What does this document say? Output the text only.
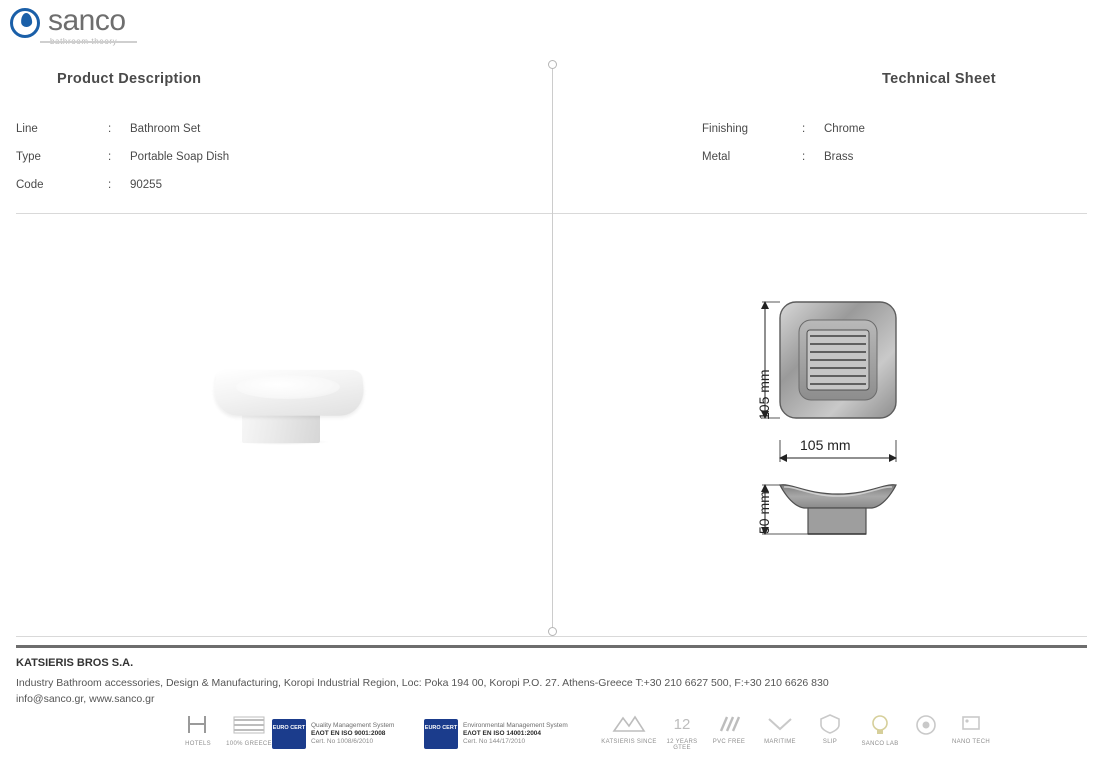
sanco
Product Description	Technical Sheet
Line	:	Bathroom Set
Type	:	Portable Soap Dish
Code	:	90255
Finishing	:	Chrome
Metal	:	Brass
105 mm
105 mm
50 mm
KATSIERIS BROS S.A.
Industry Bathroom accessories, Design & Manufacturing, Koropi Industrial Region, Loc: Poka 194 00, Koropi P.O. 27. Athens-Greece T:+30 210 6627 500, F:+30 210 6626 830
info@sanco.gr, www.sanco.gr
HOTELS	100% GREECE
EURO CERT Quality Management System
EΛOT EN ISO 9001:2008
Cert. No 1008/6/2010
EURO CERT Environmental Management System
EΛOT EN ISO 14001:2004
Cert. No 144/17/2010	KATSIERIS SINCE
12
12 YEARS GTEE
PVC FREE	MARITIME	SLIP	SANCO LAB	NANO TECH
